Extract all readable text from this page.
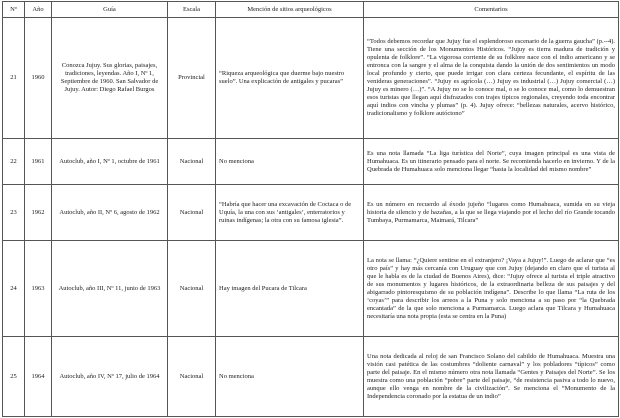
Nº	Año	Guía	Escala	Mención de sitios arqueológicos	Comentarios
21	1960	Conozca Jujuy. Sus glorias, paisajes, tradiciones, leyendas. Año I, Nº 1, Septiembre de 1960. San Salvador de Jujuy. Autor: Diego Rafael Burgos	Provincial	“Riqueza arqueológica que duerme bajo nuestro suelo”. Una explicación de antigales y pucaras”	“Todos debemos recordar que Jujuy fue el esplendoroso escenario de la guerra gaucha” (p.--4). Tiene una sección de los Monumentos Históricos. “Jujuy es tierra madura de tradición y opulenta de folklore”. “La vigorosa corriente de su folklore nace con el indio americano y se entronca con la sangre y el alma de la conquista dando la unión de dos sentimientos un modo local profundo y cierto, que puede irrigar con clara certeza fecundante, el espíritu de las venideras generaciones”. “Jujuy es agrícola (…) Jujuy es industrial (…) Jujuy comercial (…) Jujuy es minero (…)”. “A Jujuy no se lo conoce mal, o se lo conoce mal, como lo demuestran esos turistas que llegan aquí disfrazados con trajes típicos regionales, creyendo toda encontrar aquí indios con vincha y plumas” (p. 4). Jujuy ofrece: “bellezas naturales, acervo histórico, tradicionalismo y folklore autóctono”
22	1961	Autoclub, año I, Nº 1, octubre de 1961	Nacional	No menciona	Es una nota llamada “La liga turística del Norte”, cuya imagen principal es una vista de Humahuaca. Es un itinerario pensado para el norte. Se recomienda hacerlo en invierno. Y de la Quebrada de Humahuaca solo menciona llegar “hasta la localidad del mismo nombre”
23	1962	Autoclub, año II, Nº 6, agosto de 1962	Nacional	“Habría que hacer una excavación de Coctaca o de Uquía, la una con sus ‘antigales’, enterratorios y ruinas indígenas; la otra con su famosa iglesia”.	Es un número en recuerdo al éxodo jujeño “lugares como Humahuaca, sumida en su vieja historia de silencio y de hazañas, a la que se llega viajando por el lecho del río Grande tocando Tumbaya, Purmamarca, Maimará, Tilcara”
24	1963	Autoclub, año III, Nº 11, junio de 1963	Nacional	Hay imagen del Pucara de Tilcara	La nota se llama: “¿Quiere sentirse en el extranjero? ¡Vaya a Jujuy!”. Luego de aclarar que “es otro país” y hay más cercanía con Uruguay que con Jujuy (dejando en claro que el turista al que le habla es de la ciudad de Buenos Aires), dice: “Jujuy ofrece al turista el triple atractivo de sus monumentos y lugares históricos, de la extraordinaria belleza de sus paisajes y del abigarrado pintoresquismo de su población indígena”. Describe lo que llama “La ruta de los ‘coyas’” para describir los arreos a la Puna y solo menciona a su paso por “la Quebrada encantada” de la que solo menciona a Purmamarca. Luego aclara que Tilcara y Humahuaca necesitaría una nota propia (esta se centra en la Puna)
25	1964	Autoclub, año IV, Nº 17, julio de 1964	Nacional	No menciona	Una nota dedicada al reloj de san Francisco Solano del cabildo de Humahuaca. Muestra una visión casi patética de las costumbres “doliente carnaval” y los pobladores “típicos” como parte del paisaje. En el mismo número otra nota llamada “Gentes y Paisajes del Norte”. Se los muestra como una población “pobre” parte del paisaje, “de resistencia pasiva a todo lo nuevo, aunque ello venga en nombre de la civilización”. Se menciona el “Monumento de la Independencia coronado por la estatua de un indio”
